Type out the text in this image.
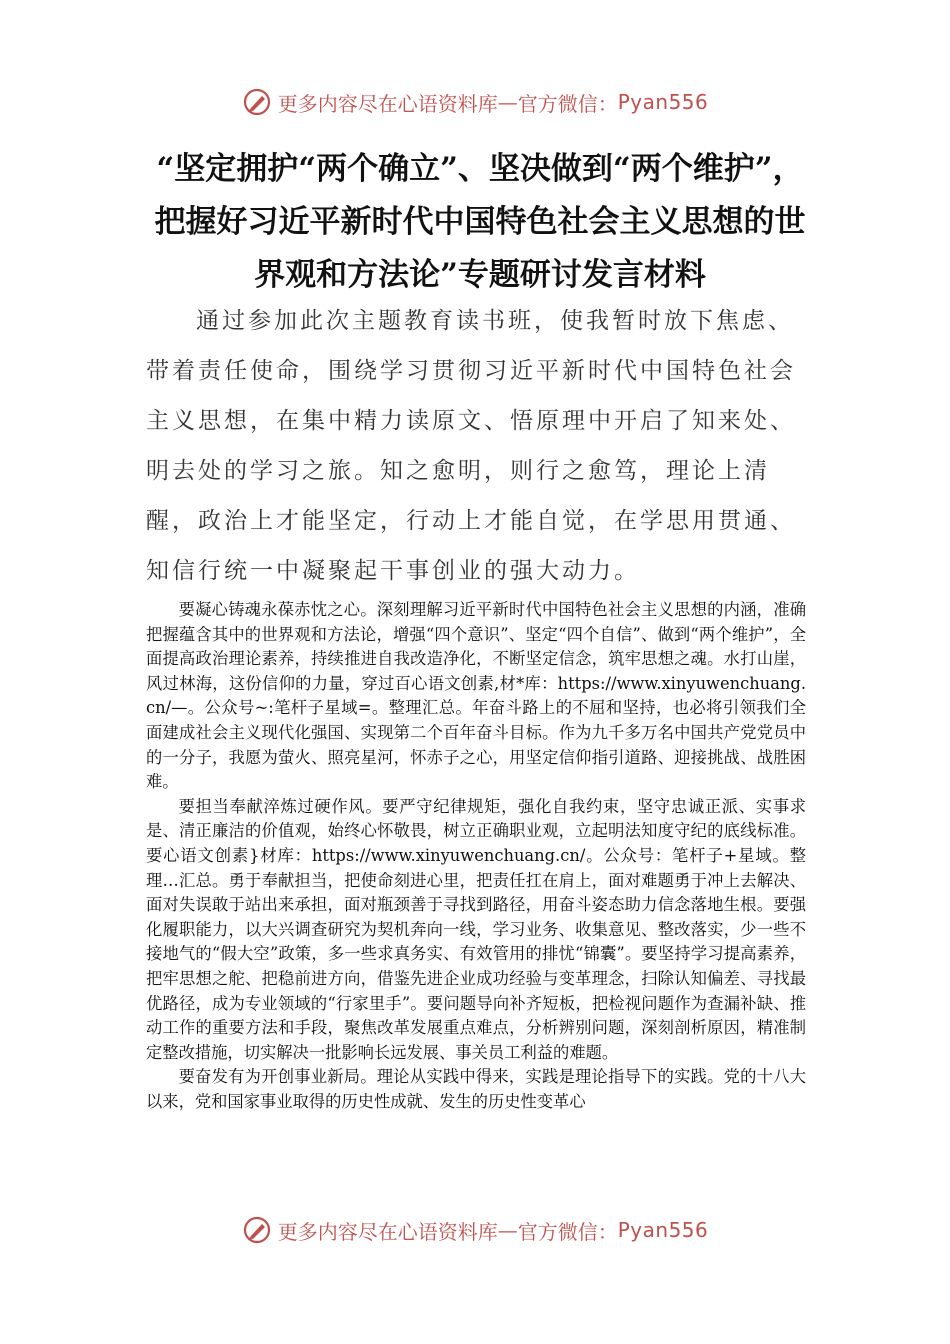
更多内容尽在心语资料库 — 官方微信： Pyan556
“坚定拥护“两个确立”、坚决做到“两个维护”，把握好习近平新时代中国特色社会主义思想的世界观和方法论”专题研讨发言材料

通过参加此次主题教育读书班，使我暂时放下焦虑、带着责任使命，围绕学习贯彻习近平新时代中国特色社会主义思想，在集中精力读原文、悟原理中开启了知来处、明去处的学习之旅。知之愈明，则行之愈笃，理论上清醒，政治上才能坚定，行动上才能自觉，在学思用贯通、知信行统一中凝聚起干事创业的强大动力。

要凝心铸魂永葆赤忱之心。深刻理解习近平新时代中国特色社会主义思想的内涵，准确把握蕴含其中的世界观和方法论，增强“四个意识”、坚定“四个自信”、做到“两个维护”，全面提高政治理论素养，持续推进自我改造净化，不断坚定信念，筑牢思想之魂。水打山崖，风过林海，这份信仰的力量，穿过百心语文创素,材*库：https://www.xinyuwenchuang.cn/—。公众号~:笔杆子星域=。整理汇总。年奋斗路上的不屈和坚持，也必将引领我们全面建成社会主义现代化强国、实现第二个百年奋斗目标。作为九千多万名中国共产党党员中的一分子，我愿为萤火、照亮星河，怀赤子之心，用坚定信仰指引道路、迎接挑战、战胜困难。

要担当奉献淬炼过硬作风。要严守纪律规矩，强化自我约束，坚守忠诚正派、实事求是、清正廉洁的价值观，始终心怀敬畏，树立正确职业观，立起明法知度守纪的底线标准。要心语文创素}材库：https://www.xinyuwenchuang.cn/。公众号：笔杆子+星域。整理…汇总。勇于奉献担当，把使命刻进心里，把责任扛在肩上，面对难题勇于冲上去解决、面对失误敢于站出来承担，面对瓶颈善于寻找到路径，用奋斗姿态助力信念落地生根。要强化履职能力，以大兴调查研究为契机奔向一线，学习业务、收集意见、整改落实，少一些不接地气的“假大空”政策，多一些求真务实、有效管用的排忧“锦囊”。要坚持学习提高素养，把牢思想之舵、把稳前进方向，借鉴先进企业成功经验与变革理念，扫除认知偏差、寻找最优路径，成为专业领域的“行家里手”。要问题导向补齐短板，把检视问题作为查漏补缺、推动工作的重要方法和手段，聚焦改革发展重点难点，分析辨别问题，深刻剖析原因，精准制定整改措施，切实解决一批影响长远发展、事关员工利益的难题。

要奋发有为开创事业新局。理论从实践中得来，实践是理论指导下的实践。党的十八大以来，党和国家事业取得的历史性成就、发生的历史性变革心

更多内容尽在心语资料库 — 官方微信： Pyan556
